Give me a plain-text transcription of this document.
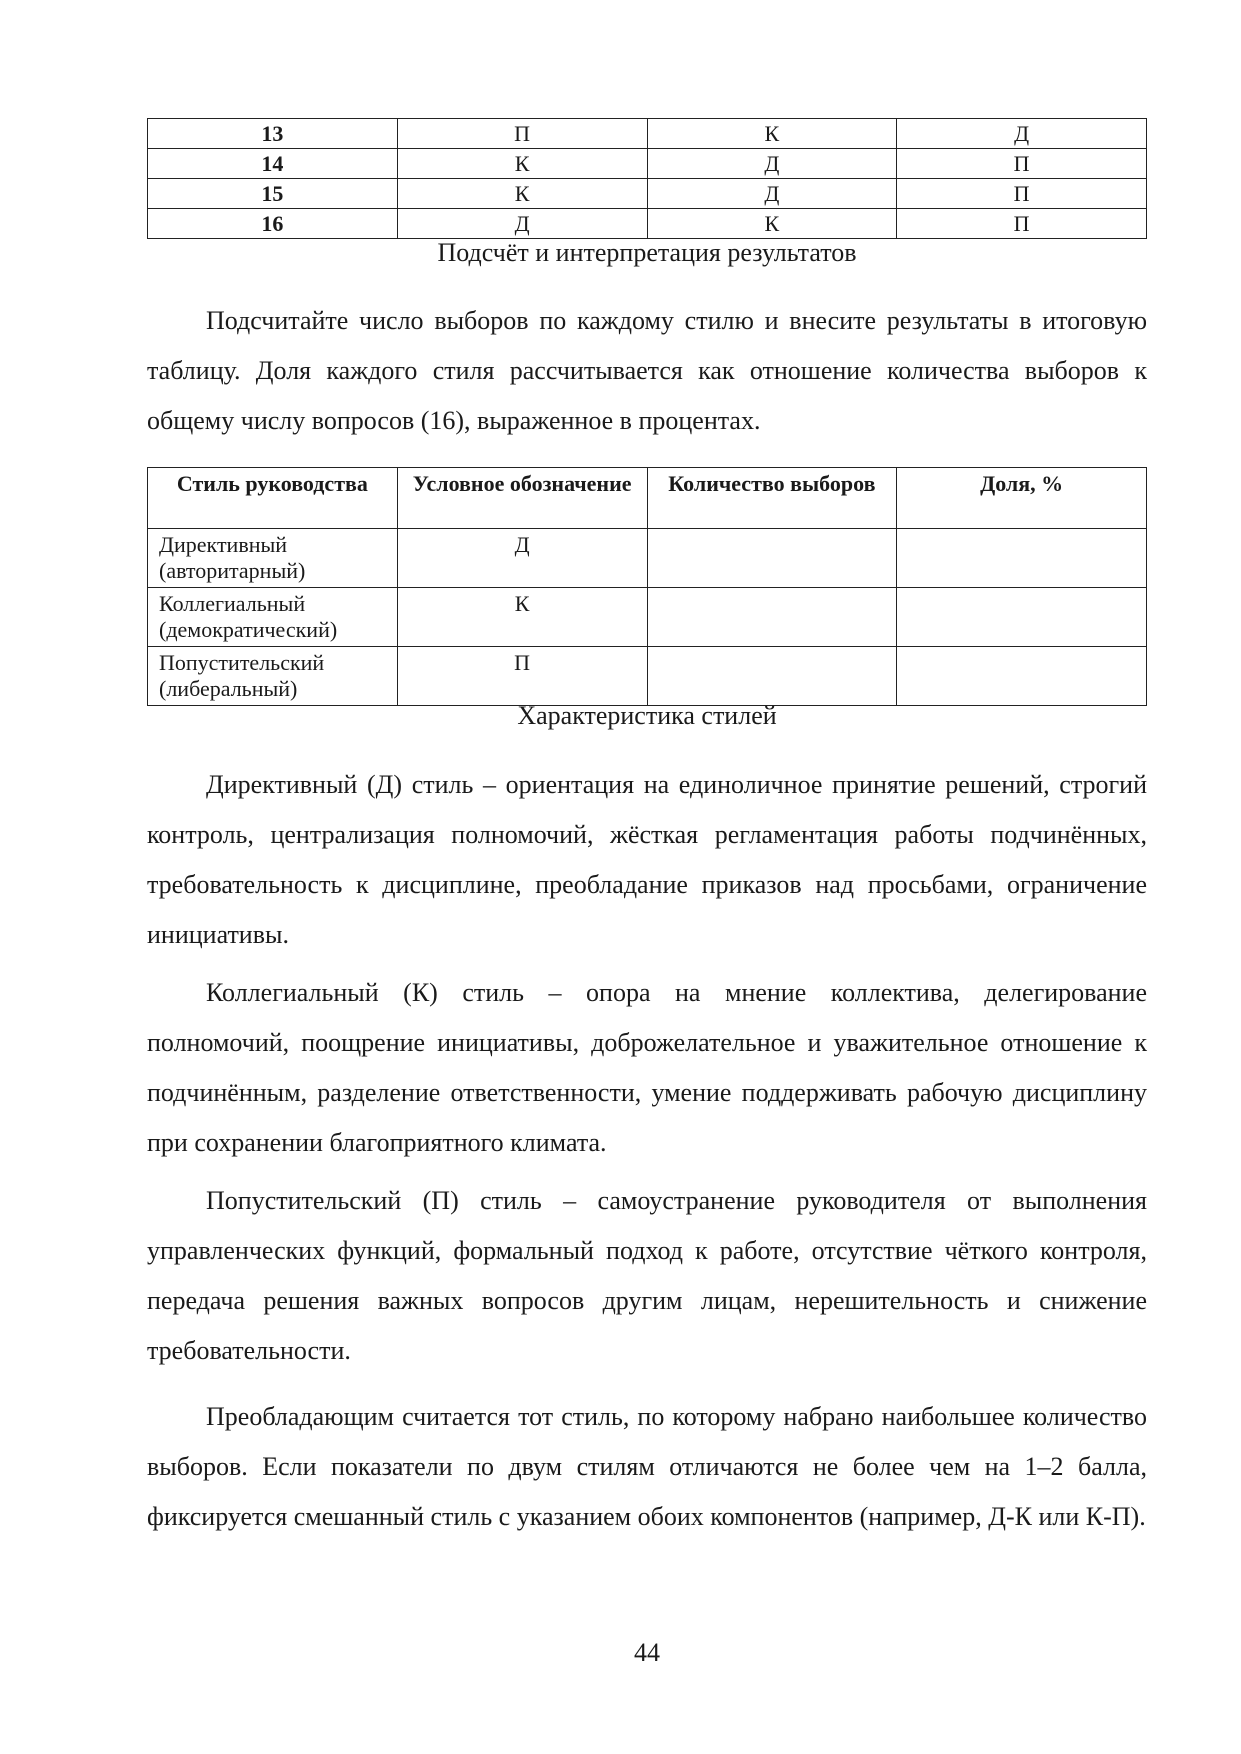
13	П	К	Д
14	К	Д	П
15	К	Д	П
16	Д	К	П
Подсчёт и интерпретация результатов

Подсчитайте число выборов по каждому стилю и внесите результаты в итоговую таблицу. Доля каждого стиля рассчитывается как отношение количества выборов к общему числу вопросов (16), выраженное в процентах.

Стиль руководства	Условное обозначение	Количество выборов	Доля, %
Директивный (авторитарный)	Д		
Коллегиальный (демократический)	К		
Попустительский (либеральный)	П		
Характеристика стилей

Директивный (Д) стиль – ориентация на единоличное принятие решений, строгий контроль, централизация полномочий, жёсткая регламентация работы подчинённых, требовательность к дисциплине, преобладание приказов над просьбами, ограничение инициативы.

Коллегиальный (К) стиль – опора на мнение коллектива, делегирование полномочий, поощрение инициативы, доброжелательное и уважительное отношение к подчинённым, разделение ответственности, умение поддерживать рабочую дисциплину при сохранении благоприятного климата.

Попустительский (П) стиль – самоустранение руководителя от выполнения управленческих функций, формальный подход к работе, отсутствие чёткого контроля, передача решения важных вопросов другим лицам, нерешительность и снижение требовательности.

Преобладающим считается тот стиль, по которому набрано наибольшее количество выборов. Если показатели по двум стилям отличаются не более чем на 1–2 балла, фиксируется смешанный стиль с указанием обоих компонентов (например, Д-К или К-П).

44
